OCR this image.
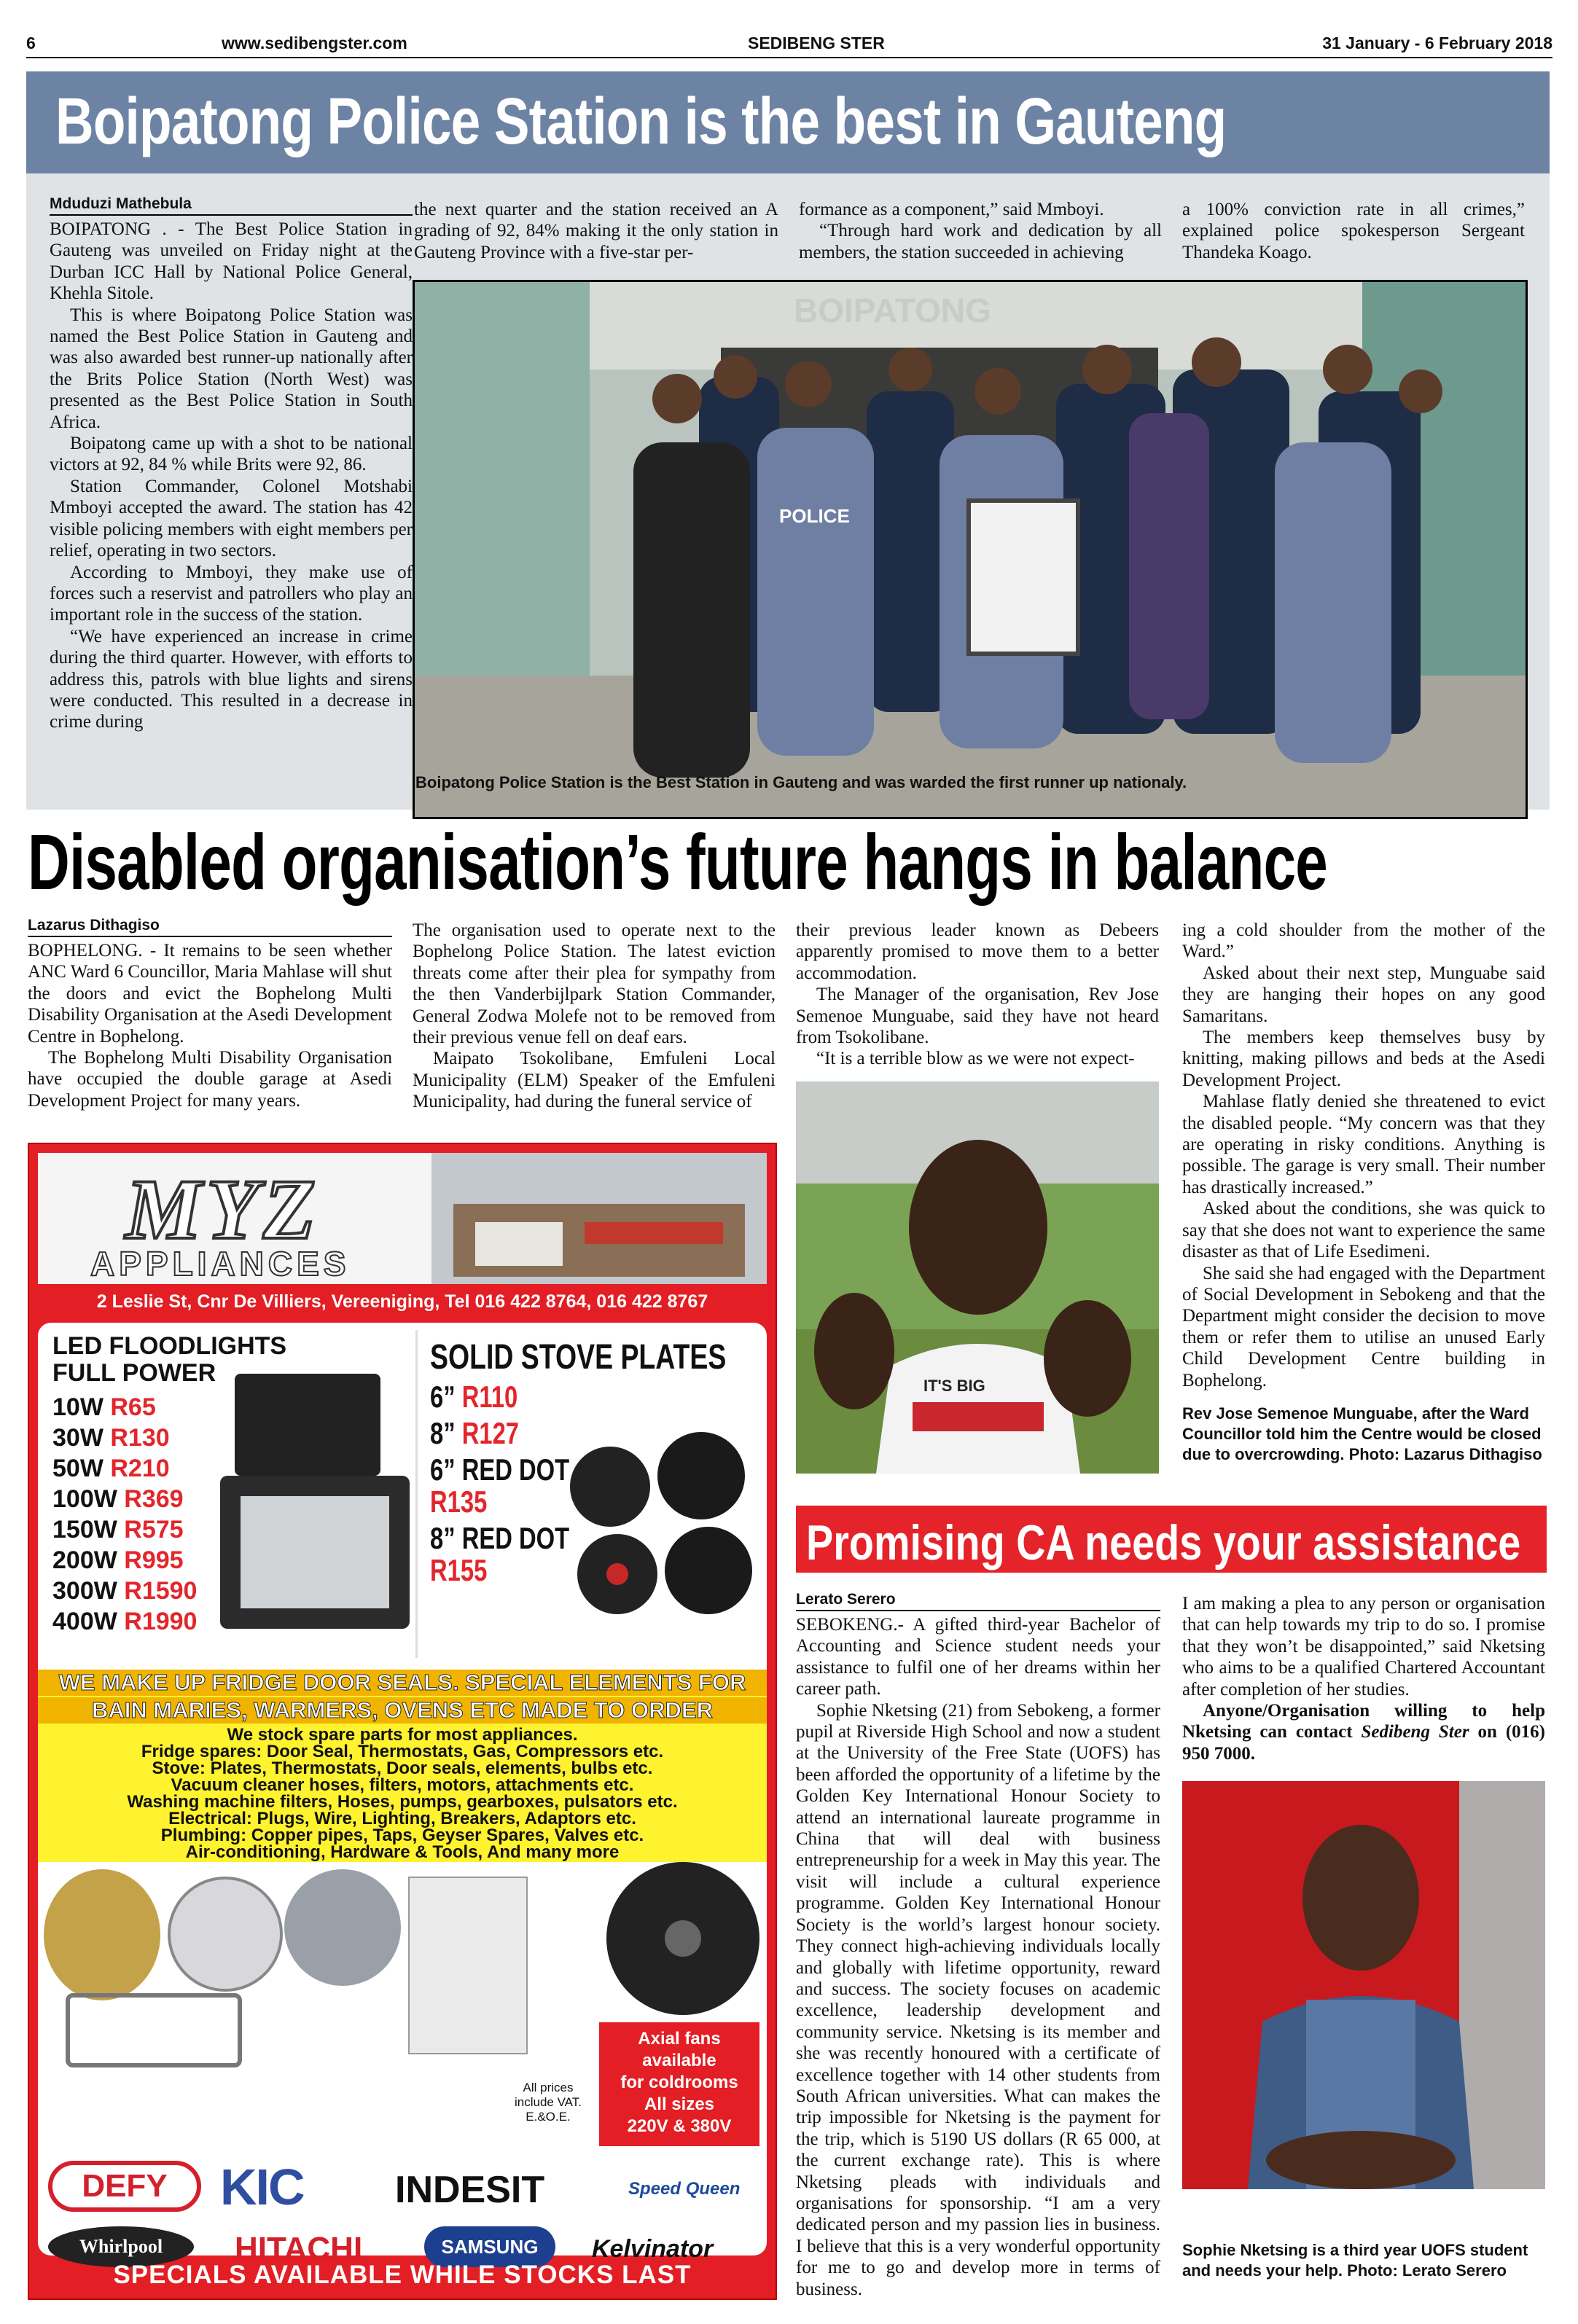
6	www.sedibengster.com	SEDIBENG STER	31 January - 6 February 2018
Boipatong Police Station is the best in Gauteng
Mduduzi Mathebula

BOIPATONG . - The Best Police Station in Gauteng was unveiled on Friday night at the Durban ICC Hall by National Police General, Khehla Sitole.

This is where Boipatong Police Station was named the Best Police Station in Gauteng and was also awarded best runner-up nationally after the Brits Police Station (North West) was presented as the Best Police Station in South Africa.

Boipatong came up with a shot to be national victors at 92, 84 % while Brits were 92, 86.

Station Commander, Colonel Motshabi Mmboyi accepted the award. The station has 42 visible policing members with eight members per relief, operating in two sectors.

According to Mmboyi, they make use of forces such a reservist and patrollers who play an important role in the success of the station.

“We have experienced an increase in crime during the third quarter. However, with efforts to address this, patrols with blue lights and sirens were conducted. This resulted in a decrease in crime during

the next quarter and the station received an A grading of 92, 84% making it the only station in Gauteng Province with a five-star per-

formance as a component,” said Mmboyi.

“Through hard work and dedication by all members, the station succeeded in achieving

a 100% conviction rate in all crimes,” explained police spokesperson Sergeant Thandeka Koago.

BOIPATONG
POLICE
Boipatong Police Station is the Best Station in Gauteng and was warded the first runner up nationaly.
Disabled organisation’s future hangs in balance
Lazarus Dithagiso

BOPHELONG. - It remains to be seen whether ANC Ward 6 Councillor, Maria Mahlase will shut the doors and evict the Bophelong Multi Disability Organisation at the Asedi Development Centre in Bophelong.

The Bophelong Multi Disability Organisation have occupied the double garage at Asedi Development Project for many years.

The organisation used to operate next to the Bophelong Police Station. The latest eviction threats come after their plea for sympathy from the then Vanderbijlpark Station Commander, General Zodwa Molefe not to be removed from their previous venue fell on deaf ears.

Maipato Tsokolibane, Emfuleni Local Municipality (ELM) Speaker of the Emfuleni Municipality, had during the funeral service of

their previous leader known as Debeers apparently promised to move them to a better accommodation.

The Manager of the organisation, Rev Jose Semenoe Munguabe, said they have not heard from Tsokolibane.

“It is a terrible blow as we were not expect-

ing a cold shoulder from the mother of the Ward.”

Asked about their next step, Munguabe said they are hanging their hopes on any good Samaritans.

The members keep themselves busy by knitting, making pillows and beds at the Asedi Development Project.

Mahlase flatly denied she threatened to evict the disabled people. “My concern was that they are operating in risky conditions. Anything is possible. The garage is very small. Their number has drastically increased.”

Asked about the conditions, she was quick to say that she does not want to experience the same disaster as that of Life Esedimeni.

She said she had engaged with the Department of Social Development in Sebokeng and that the Department might consider the decision to move them or refer them to utilise an unused Early Child Development Centre building in Bophelong.

IT'S BIG
Rev Jose Semenoe Munguabe, after the Ward Councillor told him the Centre would be closed due to overcrowding. Photo: Lazarus Dithagiso
MYZ
APPLIANCES
2 Leslie St, Cnr De Villiers, Vereeniging, Tel 016 422 8764, 016 422 8767
LED FLOODLIGHTS
FULL POWER
10W R65
30W R130
50W R210
100W R369
150W R575
200W R995
300W R1590
400W R1990
SOLID STOVE PLATES
6” R110
8” R127
6” RED DOT
R135
8” RED DOT
R155
WE MAKE UP FRIDGE DOOR SEALS. SPECIAL ELEMENTS FOR
BAIN MARIES, WARMERS, OVENS ETC MADE TO ORDER
We stock spare parts for most appliances.
Fridge spares: Door Seal, Thermostats, Gas, Compressors etc.
Stove: Plates, Thermostats, Door seals, elements, bulbs etc.
Vacuum cleaner hoses, filters, motors, attachments etc.
Washing machine filters, Hoses, pumps, gearboxes, pulsators etc.
Electrical: Plugs, Wire, Lighting, Breakers, Adaptors etc.
Plumbing: Copper pipes, Taps, Geyser Spares, Valves etc.
Air-conditioning, Hardware & Tools, And many more
Axial fans
available
for coldrooms
All sizes
220V & 380V
All prices include VAT.
E.&O.E.
DEFY	KIC INDESIT	Speed Queen
Whirlpool	HITACHI	SAMSUNG	Kelvinator
SPECIALS AVAILABLE WHILE STOCKS LAST
Promising CA needs your assistance
Lerato Serero

SEBOKENG.- A gifted third-year Bachelor of Accounting and Science student needs your assistance to fulfil one of her dreams within her career path.

Sophie Nketsing (21) from Sebokeng, a former pupil at Riverside High School and now a student at the University of the Free State (UOFS) has been afforded the opportunity of a lifetime by the Golden Key International Honour Society to attend an international laureate programme in China that will deal with business entrepreneurship for a week in May this year. The visit will include a cultural experience programme. Golden Key International Honour Society is the world’s largest honour society. They connect high-achieving individuals locally and globally with lifetime opportunity, reward and success. The society focuses on academic excellence, leadership development and community service. Nketsing is its member and she was recently honoured with a certificate of excellence together with 14 other students from South African universities. What can makes the trip impossible for Nketsing is the payment for the trip, which is 5190 US dollars (R 65 000, at the current exchange rate). This is where Nketsing pleads with individuals and organisations for sponsorship. “I am a very dedicated person and my passion lies in business. I believe that this is a very wonderful opportunity for me to go and develop more in terms of business.

I am making a plea to any person or organisation that can help towards my trip to do so. I promise that they won’t be disappointed,” said Nketsing who aims to be a qualified Chartered Accountant after completion of her studies.

Anyone/Organisation willing to help Nketsing can contact Sedibeng Ster on (016) 950 7000.

Sophie Nketsing is a third year UOFS student and needs your help. Photo: Lerato Serero
